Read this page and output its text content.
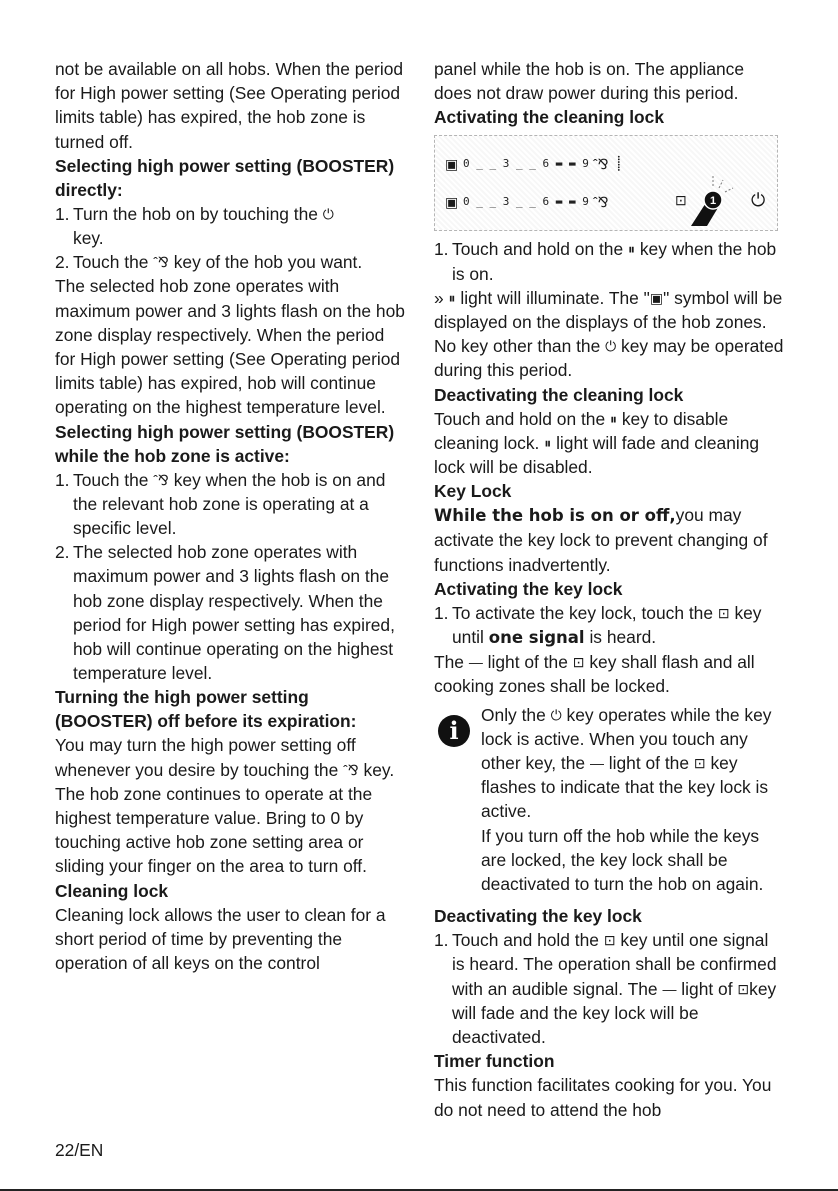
not be available on all hobs. When the period for High power setting (See Operating period limits table) has expired, the hob zone is turned off.

Selecting high power setting (BOOSTER) directly:

1. Turn the hob on by touching the ⏻
key.
2. Touch the ˆ⅋ key of the hob you want.

The selected hob zone operates with maximum power and 3 lights flash on the hob zone display respectively. When the period for High power setting (See Operating period limits table) has expired, hob will continue operating on the highest temperature level.

Selecting high power setting (BOOSTER) while the hob zone is active:

1. Touch the ˆ⅋ key when the hob is on and the relevant hob zone is operating at a specific level.
2. The selected hob zone operates with maximum power and 3 lights flash on the hob zone display respectively. When the period for High power setting has expired, hob will continue operating on the highest temperature level.

Turning the high power setting (BOOSTER) off before its expiration:

You may turn the high power setting off whenever you desire by touching the ˆ⅋ key. The hob zone continues to operate at the highest temperature value. Bring to 0 by touching active hob zone setting area or sliding your finger on the area to turn off.

Cleaning lock

Cleaning lock allows the user to clean for a short period of time by preventing the operation of all keys on the control

panel while the hob is on. The appliance does not draw power during this period.

Activating the cleaning lock

▣ 0 _ _ 3 _ _ 6 ▬ ▬ 9 ˆ⅋ ⸽
▣ 0 _ _ 3 _ _ 6 ▬ ▬ 9 ˆ⅋	⊡	⏻
1
1. Touch and hold on the ⏸ key when the hob is on.

» ⏸ light will illuminate. The "▣" symbol will be displayed on the displays of the hob zones. No key other than the ⏻ key may be operated during this period.

Deactivating the cleaning lock

Touch and hold on the ⏸ key to disable cleaning lock. ⏸ light will fade and cleaning lock will be disabled.

Key Lock

While the hob is on or off,you may activate the key lock to prevent changing of functions inadvertently.

Activating the key lock

1. To activate the key lock, touch the ⊡ key until one signal is heard.

The — light of the ⊡ key shall flash and all cooking zones shall be locked.

i

Only the ⏻ key operates while the key lock is active. When you touch any other key, the — light of the ⊡ key flashes to indicate that the key lock is active.

If you turn off the hob while the keys are locked, the key lock shall be deactivated to turn the hob on again.

Deactivating the key lock

1. Touch and hold the ⊡ key until one signal is heard. The operation shall be confirmed with an audible signal. The — light of ⊡key will fade and the key lock will be deactivated.

Timer function

This function facilitates cooking for you. You do not need to attend the hob

22/EN
